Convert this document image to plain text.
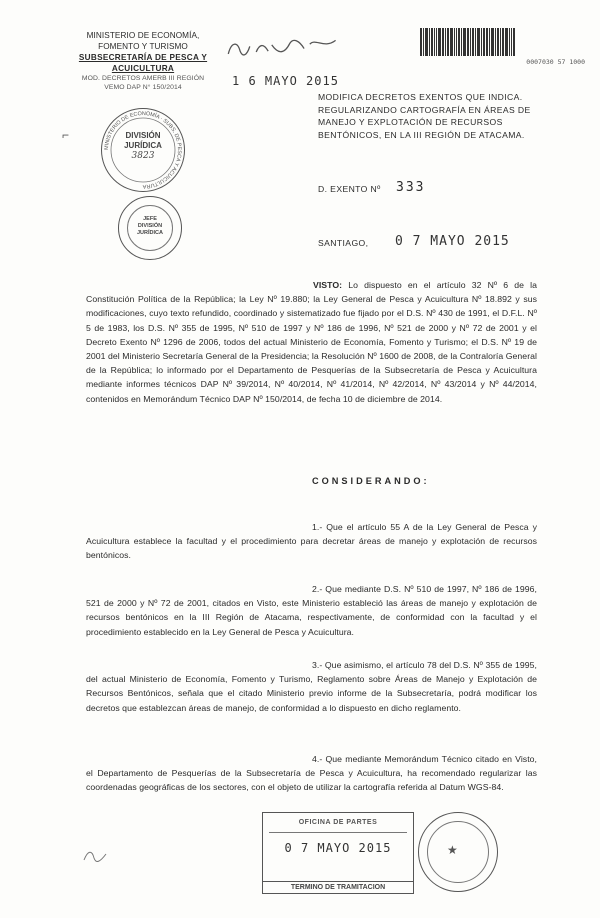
MINISTERIO DE ECONOMÍA,
FOMENTO Y TURISMO
SUBSECRETARÍA DE PESCA Y ACUICULTURA
MOD. DECRETOS AMERB III REGIÓN
VEMO DAP N° 150/2014
0007030 57 1000
1 6 MAYO 2015
MODIFICA DECRETOS EXENTOS QUE INDICA. REGULARIZANDO CARTOGRAFÍA EN ÁREAS DE MANEJO Y EXPLOTACIÓN DE RECURSOS BENTÓNICOS, EN LA III REGIÓN DE ATACAMA.
MINISTERIO DE ECONOMÍA · SUBS. DE PESCA Y ACUICULTURA
DIVISIÓN
JURÍDICA
3823
⌐
JEFE
DIVISIÓN
JURÍDICA
D. EXENTO Nº 333
SANTIAGO, 0 7 MAYO 2015
VISTO: Lo dispuesto en el artículo 32 Nº 6 de la Constitución Política de la República; la Ley Nº 19.880; la Ley General de Pesca y Acuicultura Nº 18.892 y sus modificaciones, cuyo texto refundido, coordinado y sistematizado fue fijado por el D.S. Nº 430 de 1991, el D.F.L. Nº 5 de 1983, los D.S. Nº 355 de 1995, Nº 510 de 1997 y Nº 186 de 1996, Nº 521 de 2000 y Nº 72 de 2001 y el Decreto Exento Nº 1296 de 2006, todos del actual Ministerio de Economía, Fomento y Turismo; el D.S. Nº 19 de 2001 del Ministerio Secretaría General de la Presidencia; la Resolución Nº 1600 de 2008, de la Contraloría General de la República; lo informado por el Departamento de Pesquerías de la Subsecretaría de Pesca y Acuicultura mediante informes técnicos DAP Nº 39/2014, Nº 40/2014, Nº 41/2014, Nº 42/2014, Nº 43/2014 y Nº 44/2014, contenidos en Memorándum Técnico DAP Nº 150/2014, de fecha 10 de diciembre de 2014.
CONSIDERANDO:
1.- Que el artículo 55 A de la Ley General de Pesca y Acuicultura establece la facultad y el procedimiento para decretar áreas de manejo y explotación de recursos bentónicos.
2.- Que mediante D.S. Nº 510 de 1997, Nº 186 de 1996, 521 de 2000 y Nº 72 de 2001, citados en Visto, este Ministerio estableció las áreas de manejo y explotación de recursos bentónicos en la III Región de Atacama, respectivamente, de conformidad con la facultad y el procedimiento establecido en la Ley General de Pesca y Acuicultura.
3.- Que asimismo, el artículo 78 del D.S. Nº 355 de 1995, del actual Ministerio de Economía, Fomento y Turismo, Reglamento sobre Áreas de Manejo y Explotación de Recursos Bentónicos, señala que el citado Ministerio previo informe de la Subsecretaría, podrá modificar los decretos que establezcan áreas de manejo, de conformidad a lo dispuesto en dicho reglamento.
4.- Que mediante Memorándum Técnico citado en Visto, el Departamento de Pesquerías de la Subsecretaría de Pesca y Acuicultura, ha recomendado regularizar las coordenadas geográficas de los sectores, con el objeto de utilizar la cartografía referida al Datum WGS-84.
OFICINA DE PARTES
0 7 MAYO 2015
TERMINO DE TRAMITACION
★
